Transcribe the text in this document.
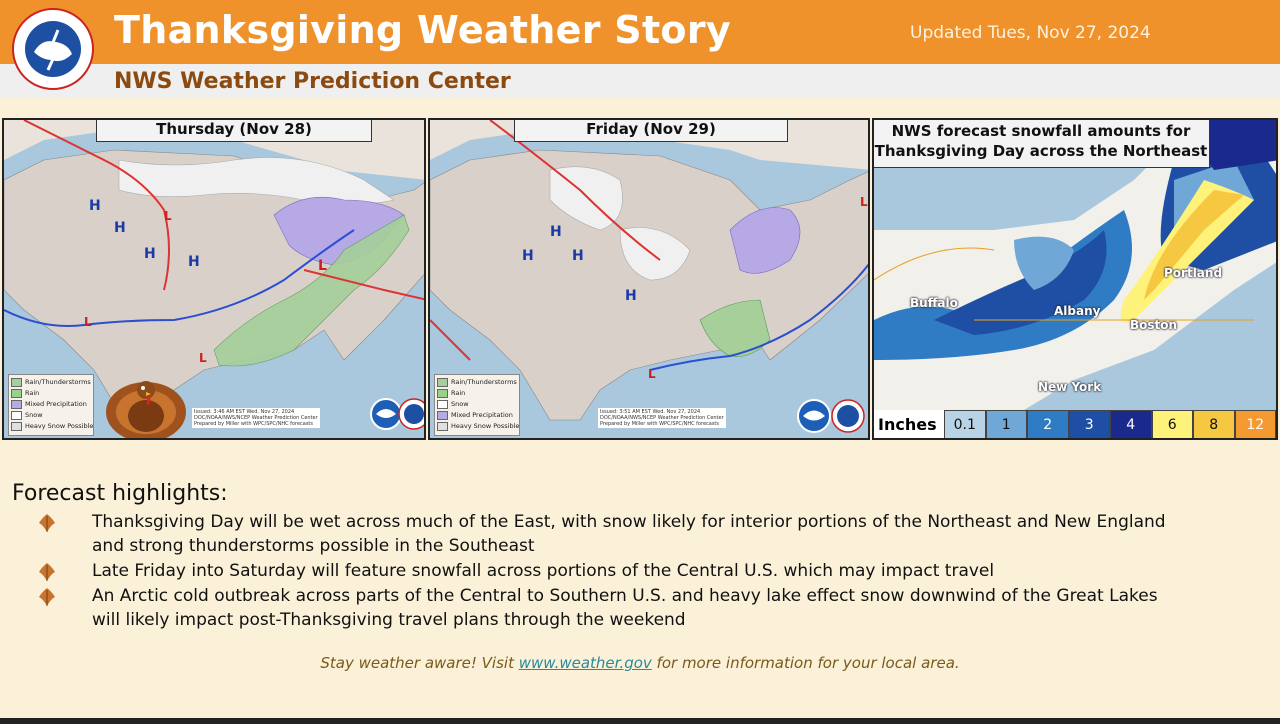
Thanksgiving Weather Story	Updated Tues, Nov 27, 2024
NWS Weather Prediction Center
H
H
H H	L
L
L
L
Thursday (Nov 28)
Rain/Thunderstorms
Rain
Mixed Precipitation
Snow
Heavy Snow Possible
Issued: 3:46 AM EST Wed. Nov 27, 2024
DOC/NOAA/NWS/NCEP Weather Prediction Center
Prepared by Miller with WPC/SPC/NHC forecasts
H
H
H
H
L
L
Friday (Nov 29)
Rain/Thunderstorms
Rain
Snow
Mixed Precipitation
Heavy Snow Possible
Issued: 3:51 AM EST Wed. Nov 27, 2024
DOC/NOAA/NWS/NCEP Weather Prediction Center
Prepared by Miller with WPC/SPC/NHC forecasts
NWS forecast snowfall amounts for
Thanksgiving Day across the Northeast
Portland
Buffalo
Albany
Boston
New York
Inches	0.1	1	2	3	4	6	8	12
Forecast highlights:
Thanksgiving Day will be wet across much of the East, with snow likely for interior portions of the Northeast and New England
and strong thunderstorms possible in the Southeast
Late Friday into Saturday will feature snowfall across portions of the Central U.S. which may impact travel
An Arctic cold outbreak across parts of the Central to Southern U.S. and heavy lake effect snow downwind of the Great Lakes
will likely impact post-Thanksgiving travel plans through the weekend
Stay weather aware! Visit www.weather.gov for more information for your local area.
